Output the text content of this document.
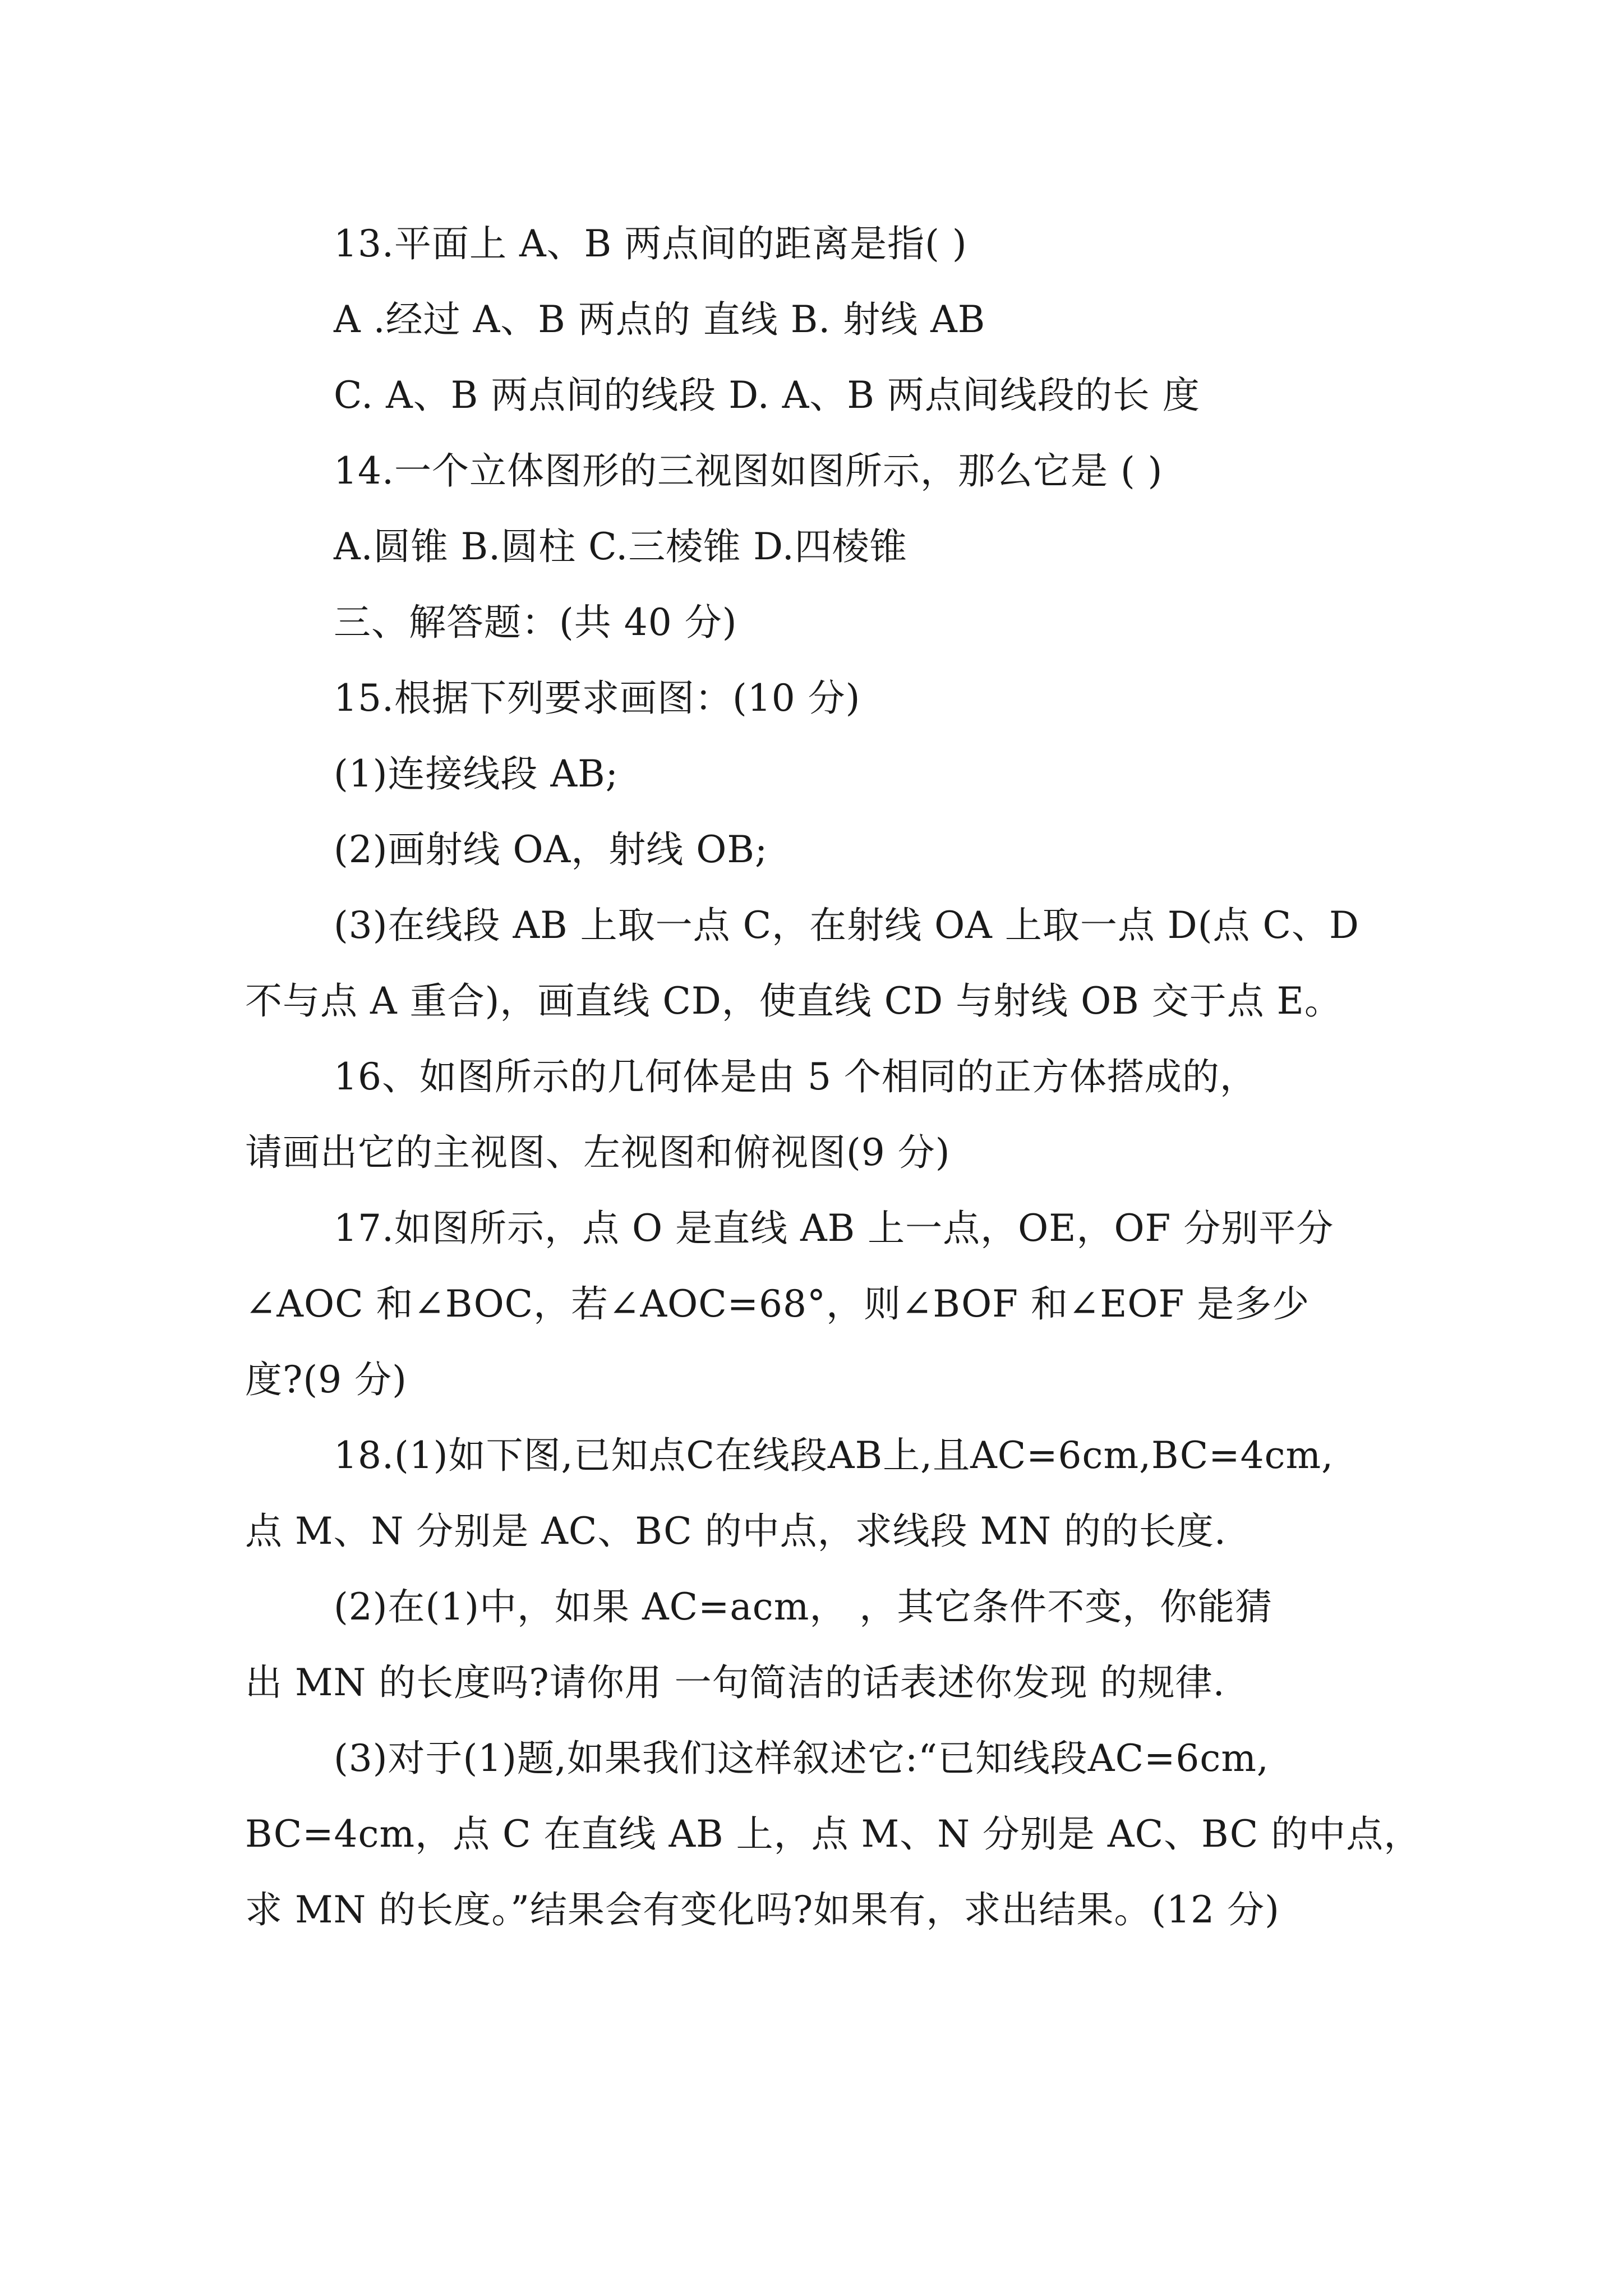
13.平面上 A、B 两点间的距离是指( )
A .经过 A、B 两点的 直线 B. 射线 AB
C. A、B 两点间的线段 D. A、B 两点间线段的长 度
14.一个立体图形的三视图如图所示，那么它是 ( )
A.圆锥 B.圆柱 C.三棱锥 D.四棱锥
三、解答题：(共 40 分)
15.根据下列要求画图：(10 分)
(1)连接线段 AB;
(2)画射线 OA，射线 OB;
(3)在线段 AB 上取一点 C，在射线 OA 上取一点 D(点 C、D
不与点 A 重合)，画直线 CD，使直线 CD 与射线 OB 交于点 E。
16、如图所示的几何体是由 5 个相同的正方体搭成的，
请画出它的主视图、左视图和俯视图(9 分)
17.如图所示，点 O 是直线 AB 上一点，OE，OF 分别平分
∠AOC 和∠BOC，若∠AOC=68°，则∠BOF 和∠EOF 是多少
度?(9 分)
18.(1)如下图,已知点C在线段AB上,且AC=6cm,BC=4cm,
点 M、N 分别是 AC、BC 的中点，求线段 MN 的的长度.
(2)在(1)中，如果 AC=acm， ，其它条件不变，你能猜
出 MN 的长度吗?请你用 一句简洁的话表述你发现 的规律.
(3)对于(1)题,如果我们这样叙述它:“已知线段AC=6cm,
BC=4cm，点 C 在直线 AB 上，点 M、N 分别是 AC、BC 的中点，
求 MN 的长度。”结果会有变化吗?如果有，求出结果。(12 分)
